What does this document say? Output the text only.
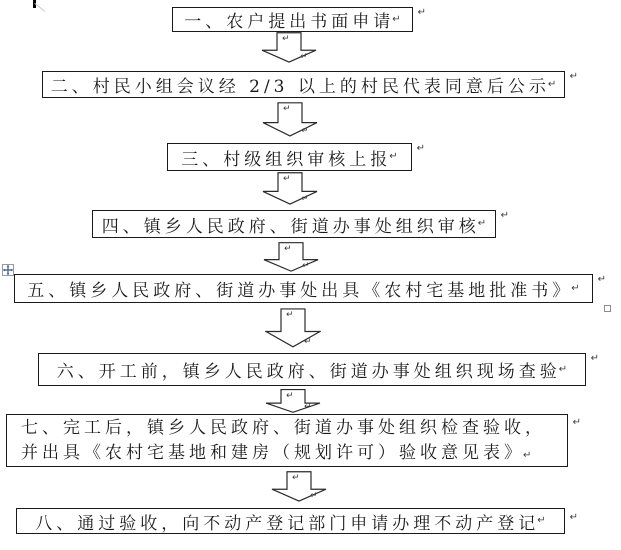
一、农户提出书面申请
↵
↵
↵
↵
二、村民小组会议经 2/3 以上的村民代表同意后公示
↵
↵
↵
↵
三、村级组织审核上报
↵
↵
↵
↵
四、镇乡人民政府、街道办事处组织审核
↵
↵
↵
↵
五、镇乡人民政府、街道办事处出具《农村宅基地批准书》
↵
↵
↵
↵
六、开工前，镇乡人民政府、街道办事处组织现场查验
↵
↵
↵
↵
七、完工后，镇乡人民政府、街道办事处组织检查验收，
并出具《农村宅基地和建房（规划许可）验收意见表》↵
↵
↵
↵
八、通过验收，向不动产登记部门申请办理不动产登记
↵ ↵
